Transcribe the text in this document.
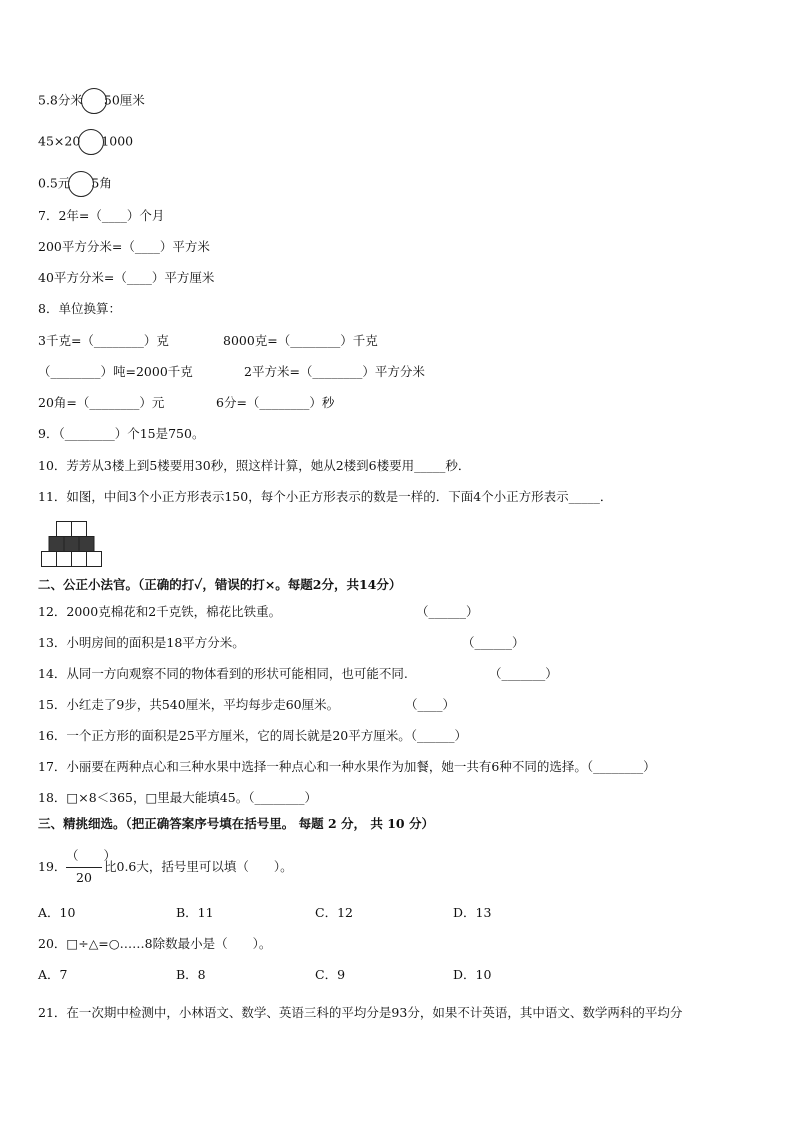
5.8分米 50厘米
45×20 1000
0.5元 5角
7．2年=（____）个月
200平方分米=（____）平方米
40平方分米=（____）平方厘米
8．单位换算：
3千克=（________）克	8000克=（________）千克
（________）吨=2000千克	2平方米=（________）平方分米
20角=（________）元	6分=（________）秒
9．（________）个15是750。
10．芳芳从3楼上到5楼要用30秒，照这样计算，她从2楼到6楼要用_____秒．
11．如图，中间3个小正方形表示150，每个小正方形表示的数是一样的．下面4个小正方形表示_____．
二、公正小法官。（正确的打✓，错误的打×。每题2分，共14分）
12．2000克棉花和2千克铁，棉花比铁重。	（______）
13．小明房间的面积是18平方分米。	（______）
14．从同一方向观察不同的物体看到的形状可能相同，也可能不同.	（_______）
15．小红走了9步，共540厘米，平均每步走60厘米。	（____）
16．一个正方形的面积是25平方厘米，它的周长就是20平方厘米。（______）
17．小丽要在两种点心和三种水果中选择一种点心和一种水果作为加餐，她一共有6种不同的选择。（________）
18．□×8＜365，□里最大能填45。（________）
三、精挑细选。（把正确答案序号填在括号里。 每题 2 分， 共 10 分）
19．
（　　）
20
比0.6大，括号里可以填（　　）。
A．10	B．11	C．12	D．13
20．□÷△=○……8除数最小是（　　）。
A．7	B．8	C．9	D．10
21．在一次期中检测中，小林语文、数学、英语三科的平均分是93分，如果不计英语，其中语文、数学两科的平均分
